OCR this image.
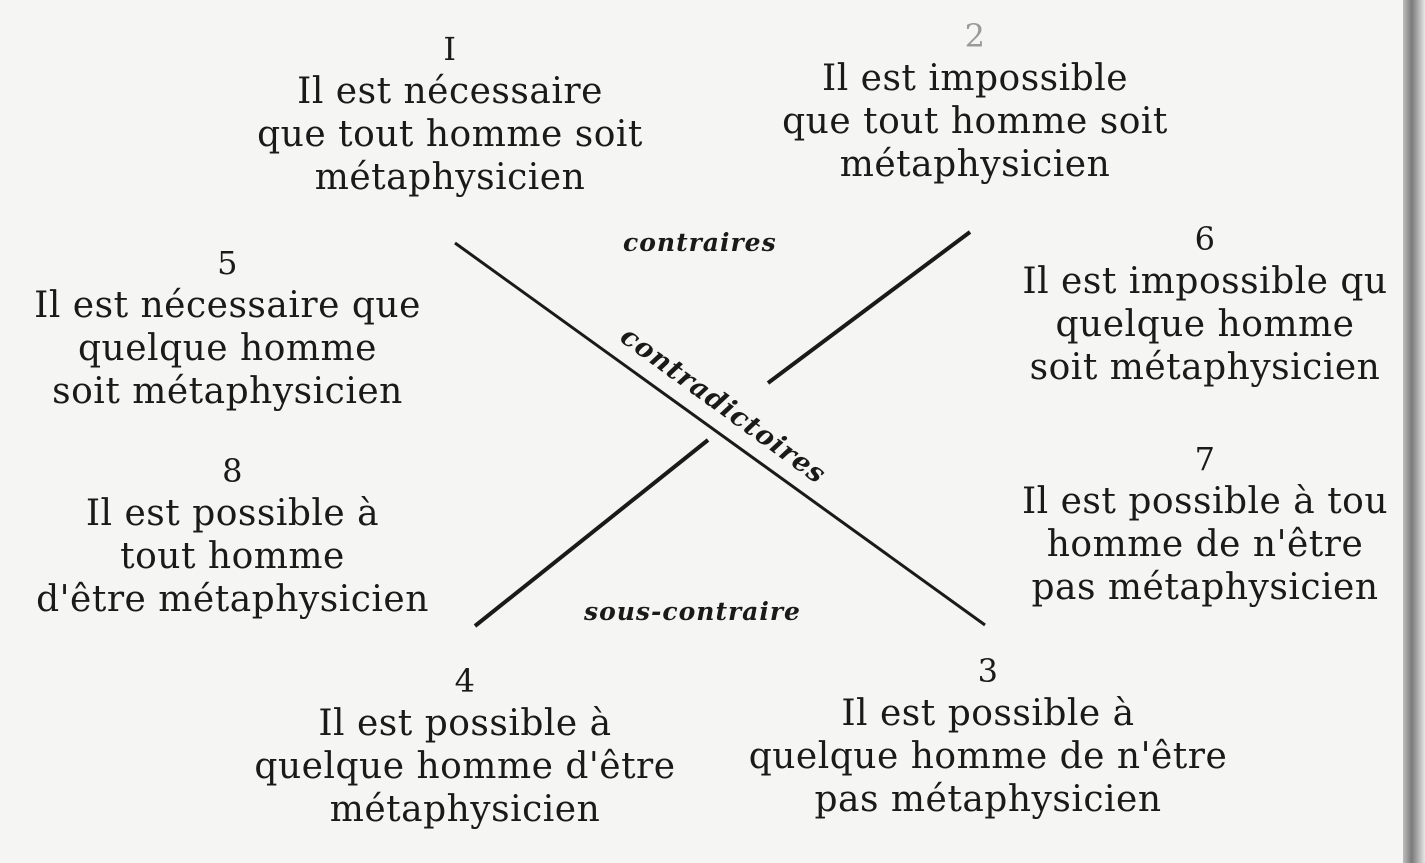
I
Il est nécessaire
que tout homme soit
métaphysicien
2
Il est impossible
que tout homme soit
métaphysicien
5
Il est nécessaire que
quelque homme
soit métaphysicien
6
Il est impossible qu
quelque homme
soit métaphysicien
8
Il est possible à
tout homme
d'être métaphysicien
7
Il est possible à tou
homme de n'être
pas métaphysicien
4
Il est possible à
quelque homme d'être
métaphysicien
3
Il est possible à
quelque homme de n'être
pas métaphysicien
contraires
contradictoires
sous-contraire
